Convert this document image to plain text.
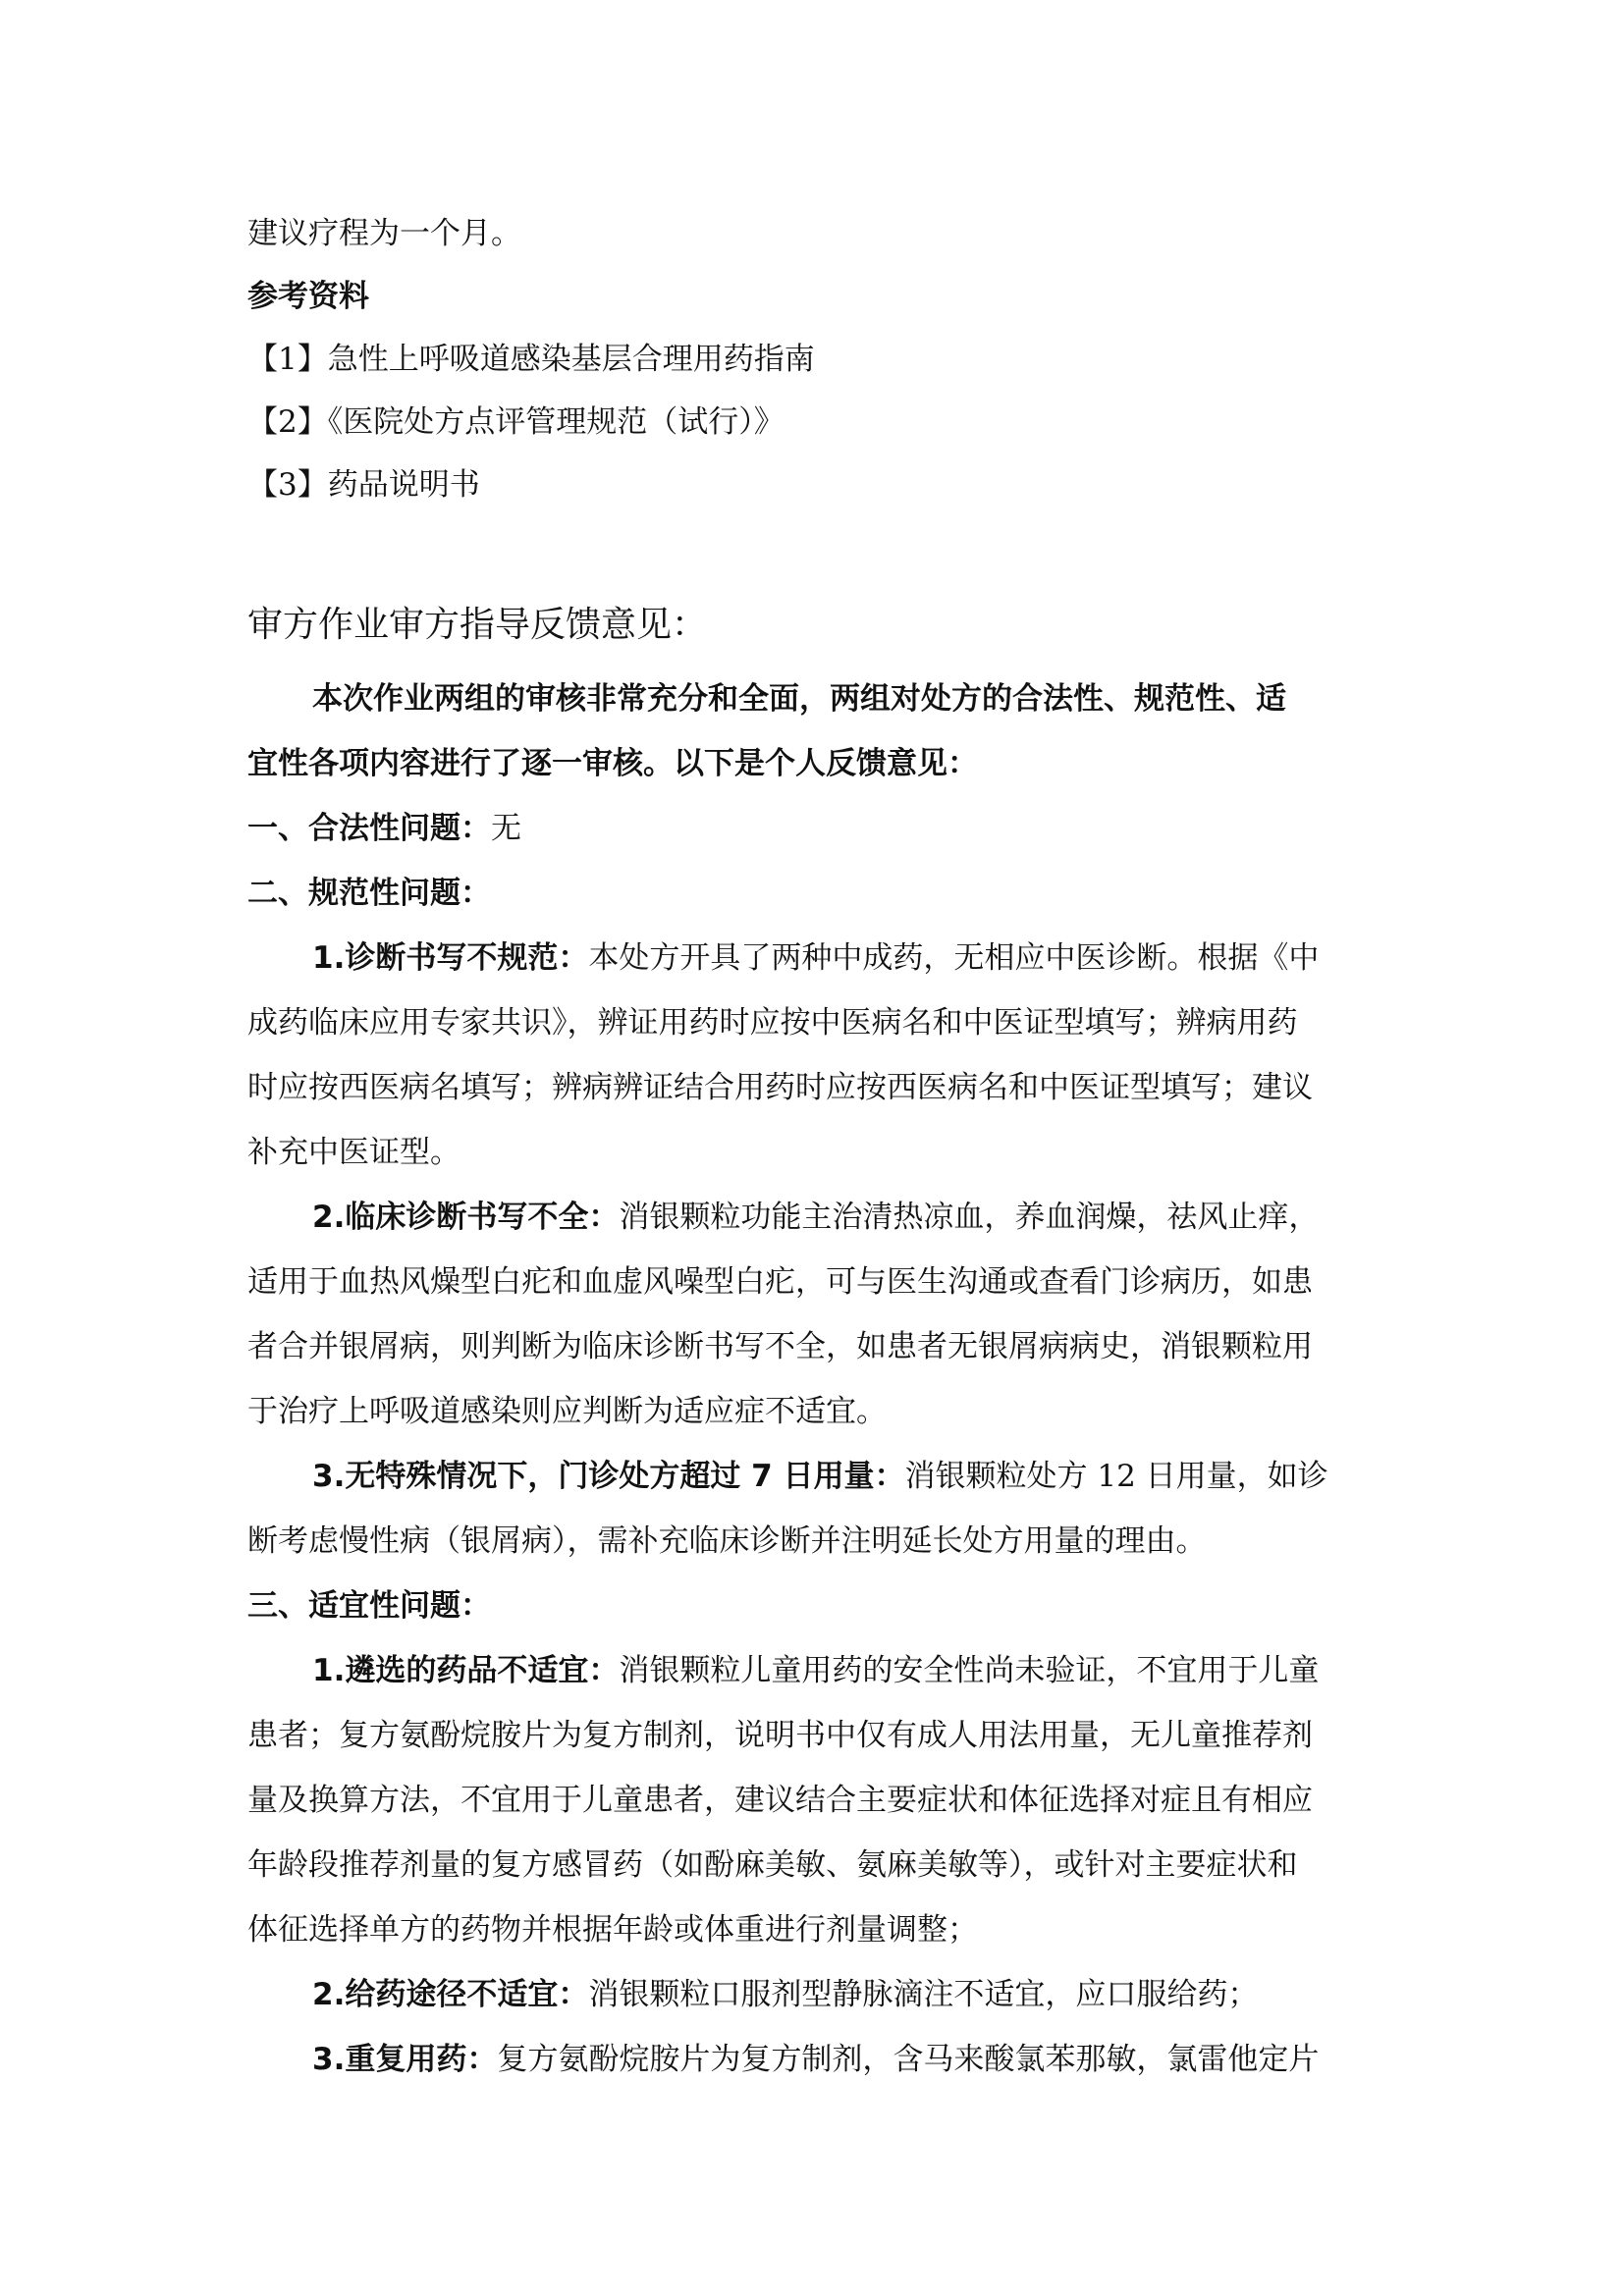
建议疗程为一个月。
参考资料
【1】急性上呼吸道感染基层合理用药指南
【2】《医院处方点评管理规范（试行）》
【3】药品说明书
审方作业审方指导反馈意见：
本次作业两组的审核非常充分和全面，两组对处方的合法性、规范性、适
宜性各项内容进行了逐一审核。以下是个人反馈意见：
一、合法性问题：无
二、规范性问题：
1.诊断书写不规范：本处方开具了两种中成药，无相应中医诊断。根据《中
成药临床应用专家共识》，辨证用药时应按中医病名和中医证型填写；辨病用药
时应按西医病名填写；辨病辨证结合用药时应按西医病名和中医证型填写；建议
补充中医证型。
2.临床诊断书写不全：消银颗粒功能主治清热凉血，养血润燥，祛风止痒，
适用于血热风燥型白疕和血虚风噪型白疕，可与医生沟通或查看门诊病历，如患
者合并银屑病，则判断为临床诊断书写不全，如患者无银屑病病史，消银颗粒用
于治疗上呼吸道感染则应判断为适应症不适宜。
3.无特殊情况下，门诊处方超过 7 日用量：消银颗粒处方 12 日用量，如诊
断考虑慢性病（银屑病），需补充临床诊断并注明延长处方用量的理由。
三、适宜性问题：
1.遴选的药品不适宜：消银颗粒儿童用药的安全性尚未验证，不宜用于儿童
患者；复方氨酚烷胺片为复方制剂，说明书中仅有成人用法用量，无儿童推荐剂
量及换算方法，不宜用于儿童患者，建议结合主要症状和体征选择对症且有相应
年龄段推荐剂量的复方感冒药（如酚麻美敏、氨麻美敏等），或针对主要症状和
体征选择单方的药物并根据年龄或体重进行剂量调整；
2.给药途径不适宜：消银颗粒口服剂型静脉滴注不适宜，应口服给药；
3.重复用药：复方氨酚烷胺片为复方制剂，含马来酸氯苯那敏，氯雷他定片
